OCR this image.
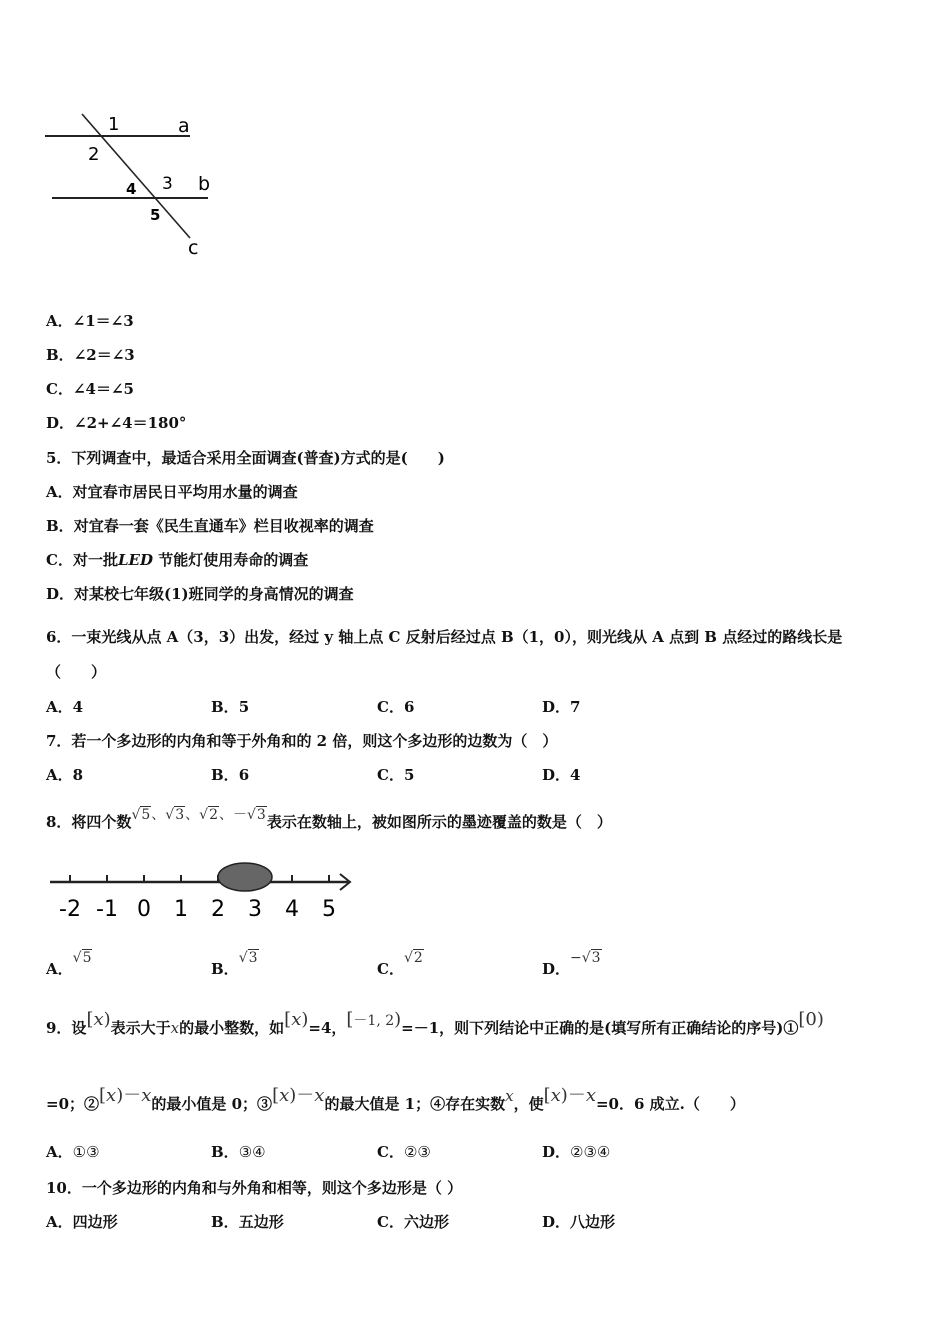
1	a
2
3 b
4
5
c
A．∠1＝∠3
B．∠2＝∠3
C．∠4＝∠5
D．∠2+∠4＝180°
5．下列调查中，最适合采用全面调查(普查)方式的是(　　)
A．对宜春市居民日平均用水量的调查
B．对宜春一套《民生直通车》栏目收视率的调查
C．对一批LED 节能灯使用寿命的调查
D．对某校七年级(1)班同学的身高情况的调查
6．一束光线从点 A（3，3）出发，经过 y 轴上点 C 反射后经过点 B（1，0），则光线从 A 点到 B 点经过的路线长是
（　　）
A．4	B．5	C．6	D．7
7．若一个多边形的内角和等于外角和的 2 倍，则这个多边形的边数为（　）
A．8	B．6	C．5	D．4
8．将四个数√5、√3、√2、－√3表示在数轴上，被如图所示的墨迹覆盖的数是（　）
-2 -1 0 1 2 3 4 5
A．√5
B．√3
C．√2
D．−√3
9．设[x)表示大于x的最小整数，如[x)=4，[－1, 2)=－1，则下列结论中正确的是(填写所有正确结论的序号)①[0)
=0；②[x)－x的最小值是 0；③[x)－x的最大值是 1；④存在实数x，使[x)－x=0．6 成立.（　　）
A．①③	B．③④	C．②③	D．②③④
10．一个多边形的内角和与外角和相等，则这个多边形是（ ）
A．四边形	B．五边形	C．六边形	D．八边形
